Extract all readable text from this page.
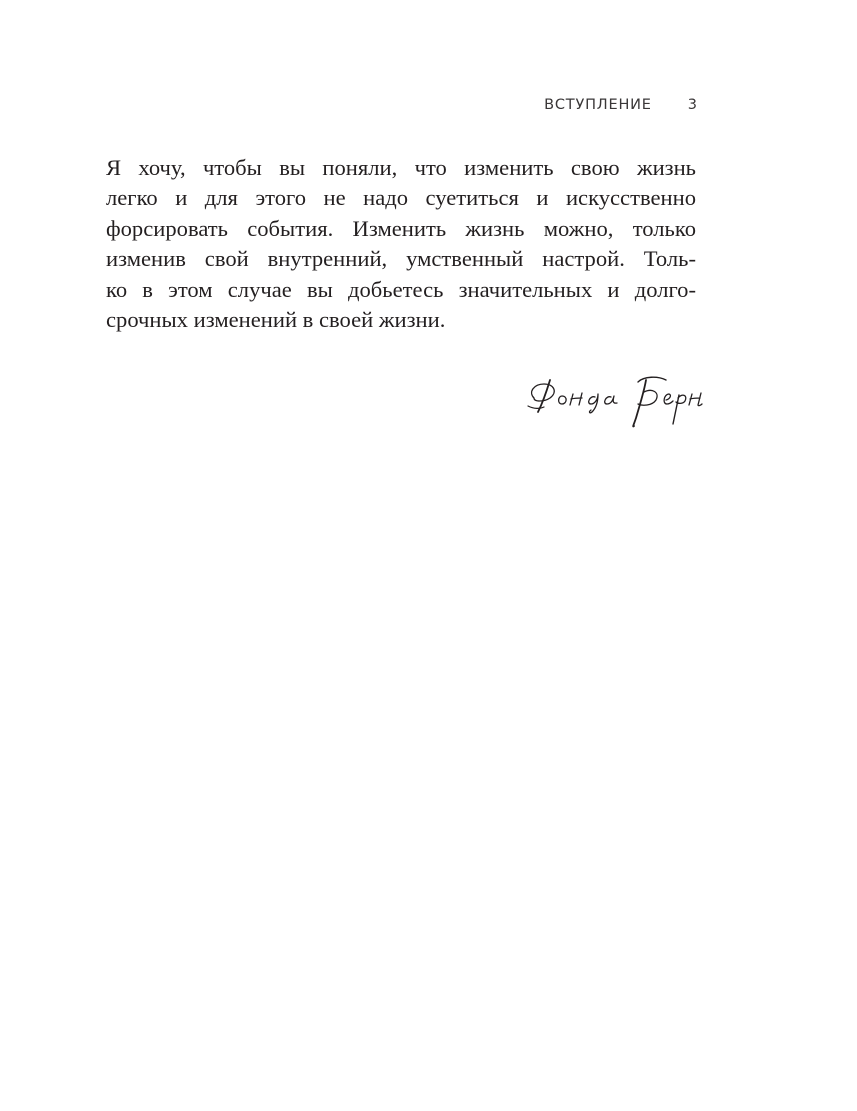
ВСТУПЛЕНИЕ 3

Я хочу, чтобы вы поняли, что изменить свою жизнь
легко и для этого не надо суетиться и искусственно
форсировать события. Изменить жизнь можно, только
изменив свой внутренний, умственный настрой. Толь-
ко в этом случае вы добьетесь значительных и долго-
срочных изменений в своей жизни.
